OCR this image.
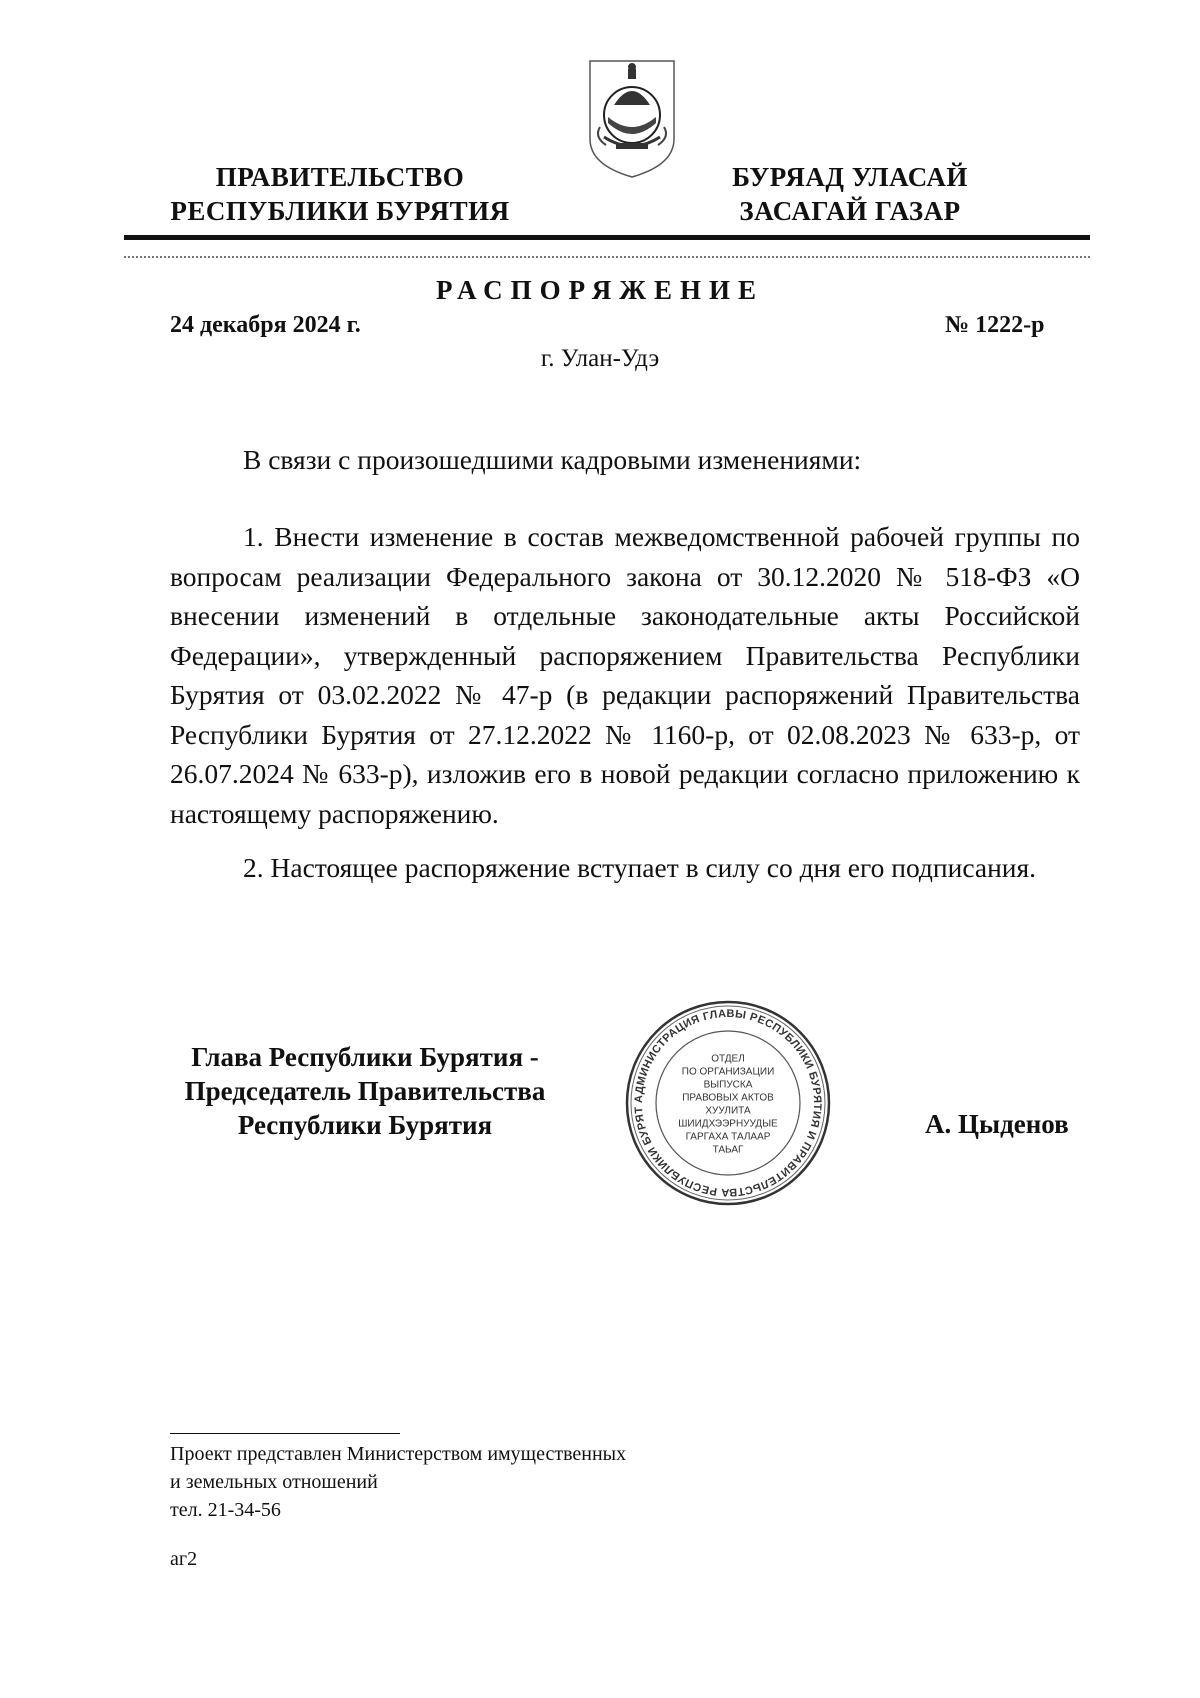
ПРАВИТЕЛЬСТВО
РЕСПУБЛИКИ БУРЯТИЯ
БУРЯАД УЛАСАЙ
ЗАСАГАЙ ГАЗАР
РАСПОРЯЖЕНИЕ
24 декабря 2024 г.	№ 1222-р
г. Улан-Удэ
В связи с произошедшими кадровыми изменениями:
1. Внести изменение в состав межведомственной рабочей группы по вопросам реализации Федерального закона от 30.12.2020 № 518-ФЗ «О внесении изменений в отдельные законодательные акты Российской Федерации», утвержденный распоряжением Правительства Республики Бурятия от 03.02.2022 № 47-р (в редакции распоряжений Правительства Республики Бурятия от 27.12.2022 № 1160-р, от 02.08.2023 № 633-р, от 26.07.2024 № 633-р), изложив его в новой редакции согласно приложению к настоящему распоряжению.
2. Настоящее распоряжение вступает в силу со дня его подписания.
Глава Республики Бурятия -
Председатель Правительства
Республики Бурятия
АДМИНИСТРАЦИЯ ГЛАВЫ РЕСПУБЛИКИ БУРЯТИЯ И ПРАВИТЕЛЬСТВА РЕСПУБЛИКИ БУРЯТ
ОТДЕЛ
ПО ОРГАНИЗАЦИИ
ВЫПУСКА
ПРАВОВЫХ АКТОВ
ХУУЛИТА
ШИИДХЭЭРНУУДЫЕ
ГАРГАХА ТАЛААР
ТАЬАГ
А. Цыденов
Проект представлен Министерством имущественных
и земельных отношений
тел. 21-34-56
аг2
